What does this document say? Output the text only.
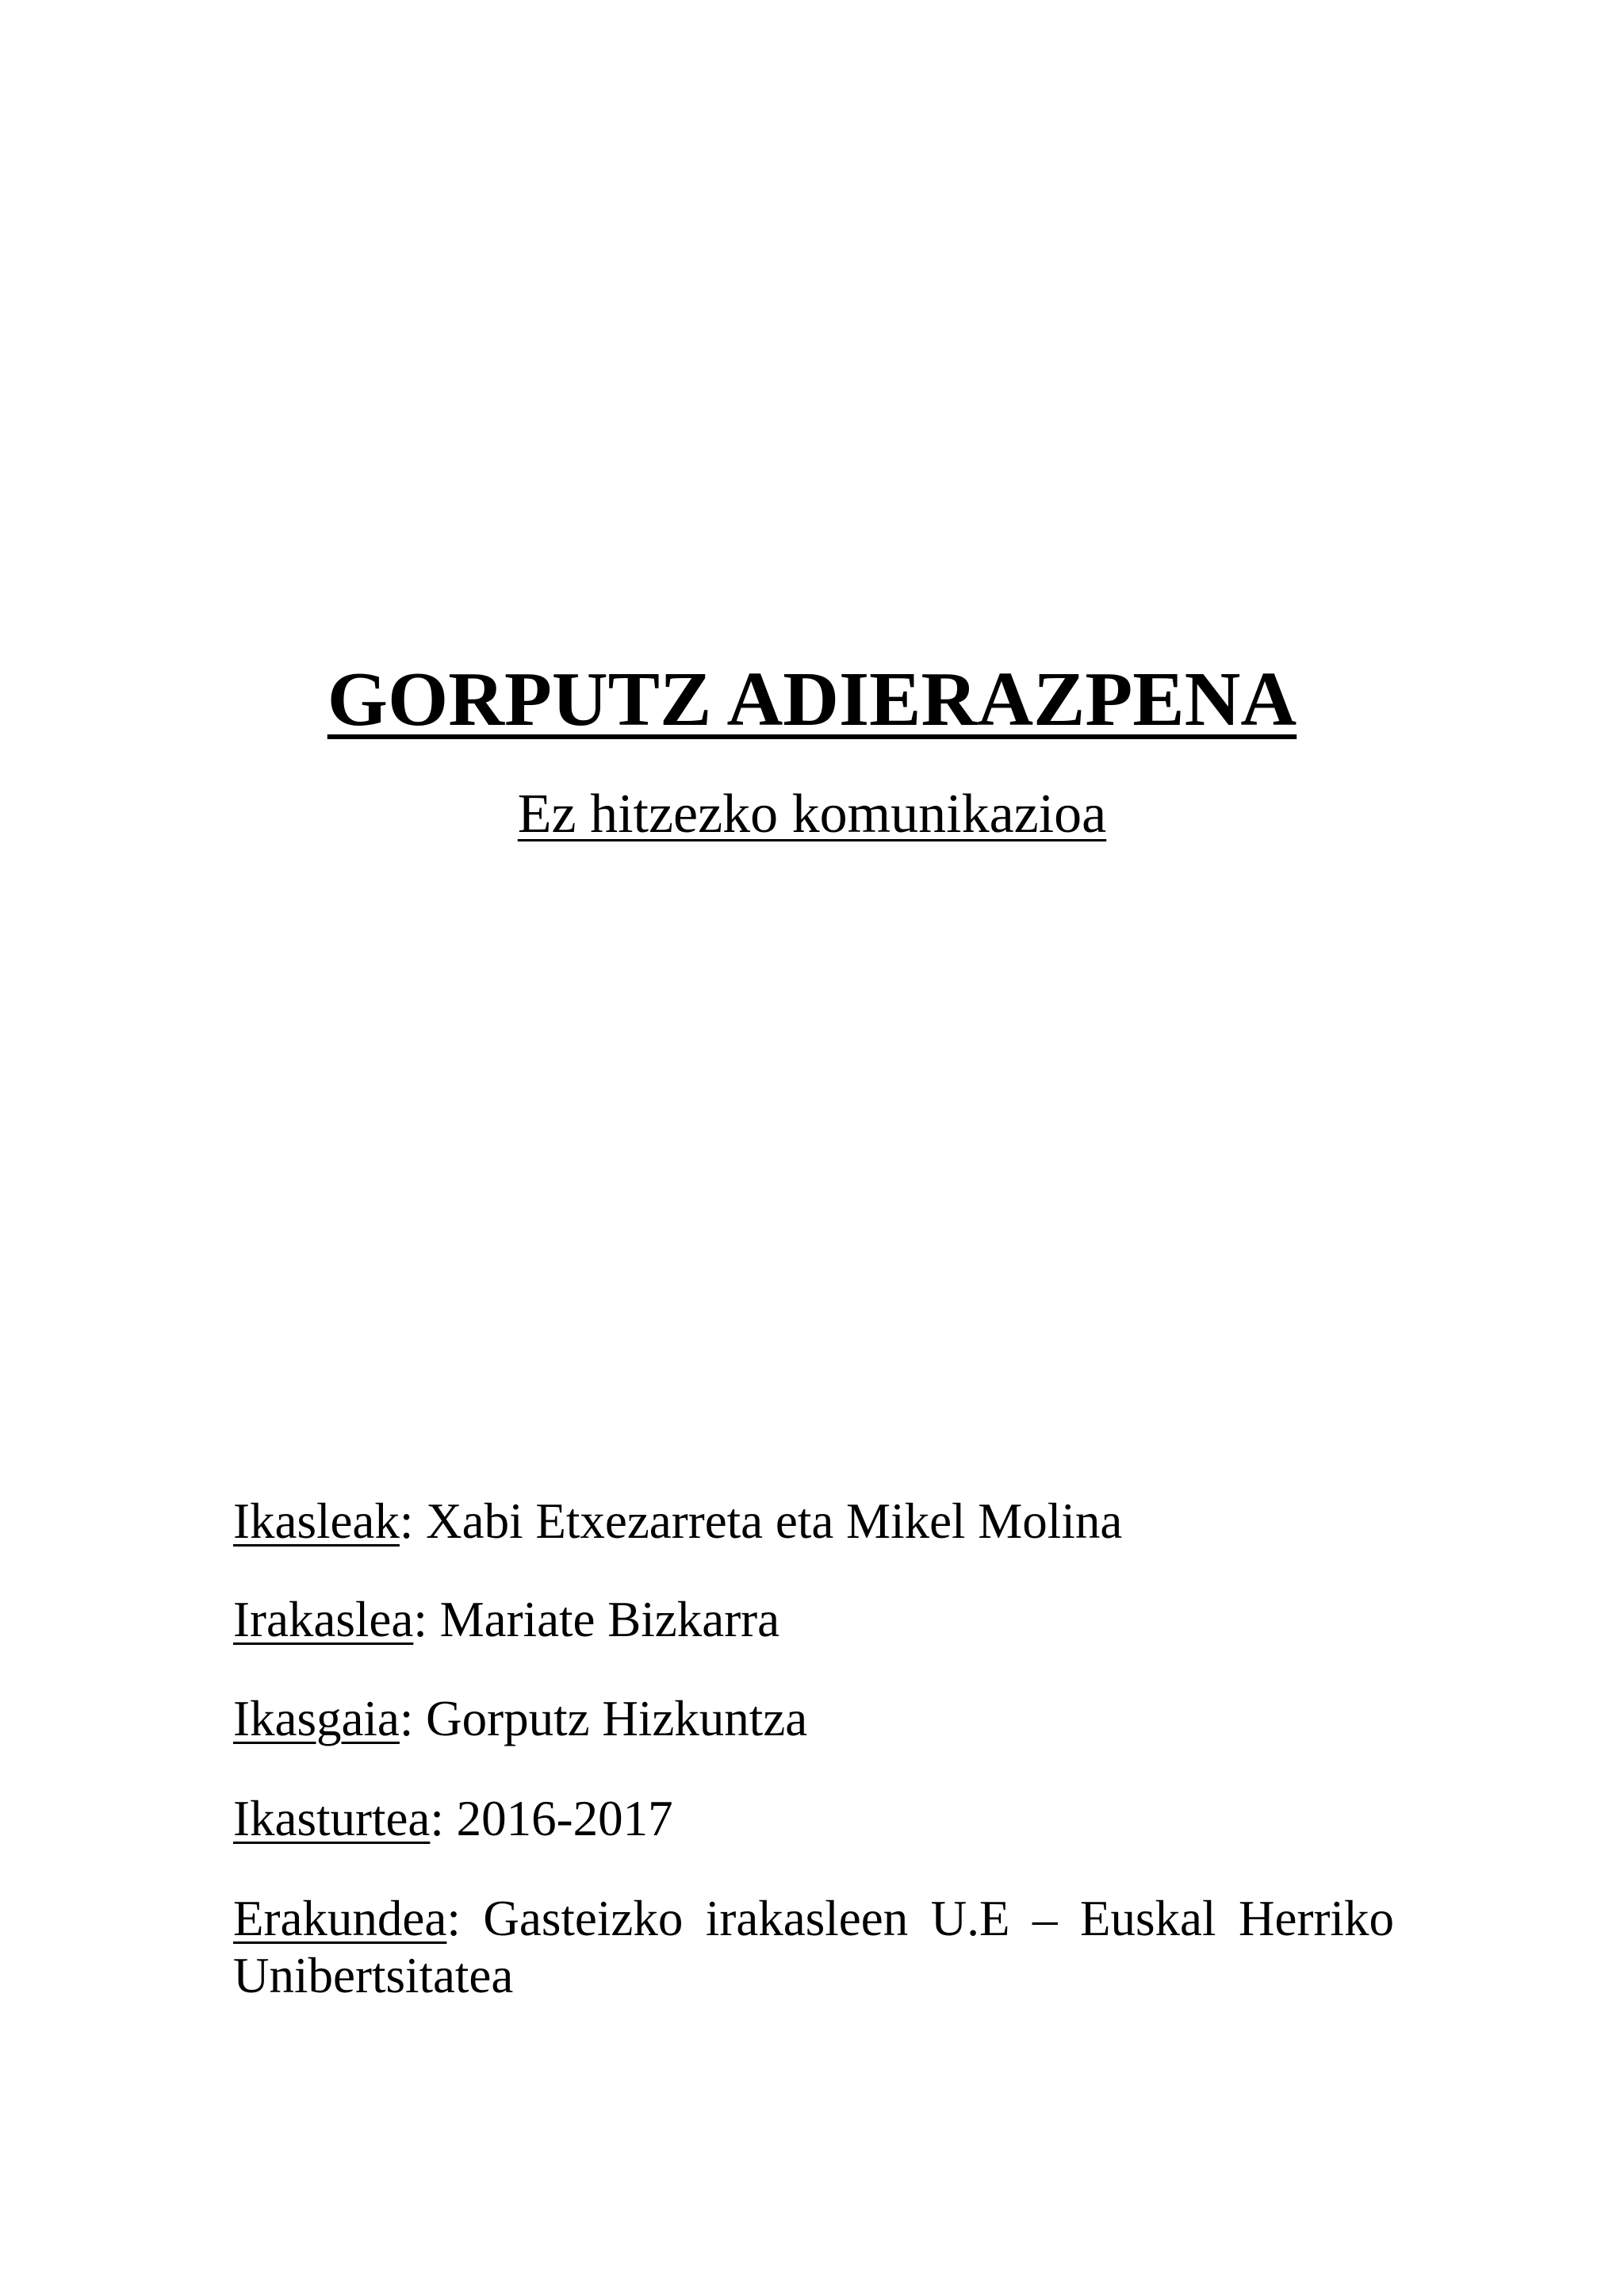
GORPUTZ ADIERAZPENA
Ez hitzezko komunikazioa
Ikasleak: Xabi Etxezarreta eta Mikel Molina
Irakaslea: Mariate Bizkarra
Ikasgaia: Gorputz Hizkuntza
Ikasturtea: 2016-2017
Erakundea: Gasteizko irakasleen U.E – Euskal Herriko Unibertsitatea
